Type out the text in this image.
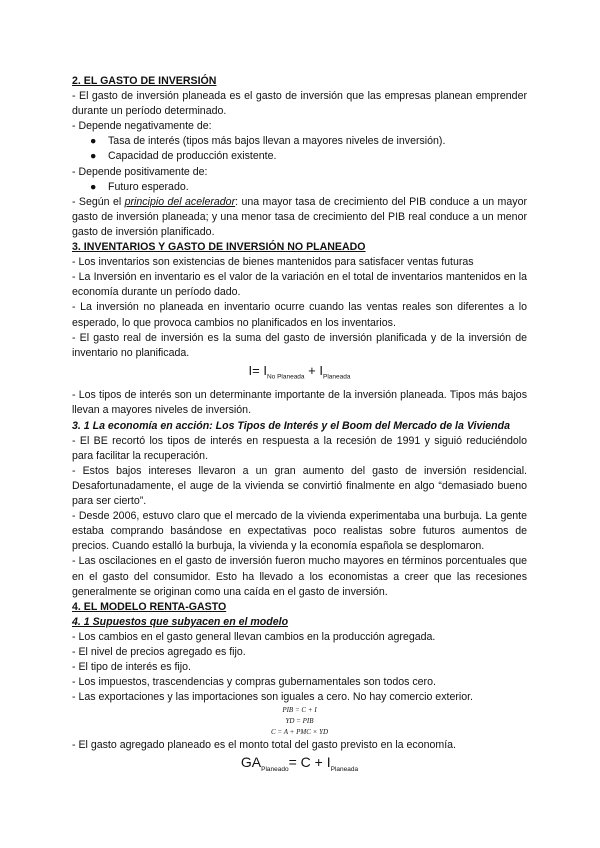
2. EL GASTO DE INVERSIÓN

- El gasto de inversión planeada es el gasto de inversión que las empresas planean emprender durante un período determinado.

- Depende negativamente de:

● Tasa de interés (tipos más bajos llevan a mayores niveles de inversión).

● Capacidad de producción existente.

- Depende positivamente de:

● Futuro esperado.

- Según el principio del acelerador: una mayor tasa de crecimiento del PIB conduce a un mayor gasto de inversión planeada; y una menor tasa de crecimiento del PIB real conduce a un menor gasto de inversión planificado.

3. INVENTARIOS Y GASTO DE INVERSIÓN NO PLANEADO

- Los inventarios son existencias de bienes mantenidos para satisfacer ventas futuras

- La Inversión en inventario es el valor de la variación en el total de inventarios mantenidos en la economía durante un período dado.

- La inversión no planeada en inventario ocurre cuando las ventas reales son diferentes a lo esperado, lo que provoca cambios no planificados en los inventarios.

- El gasto real de inversión es la suma del gasto de inversión planificada y de la inversión de inventario no planificada.

$I= I_{No Planeada} + I_{Planeada}$

- Los tipos de interés son un determinante importante de la inversión planeada. Tipos más bajos llevan a mayores niveles de inversión.

3. 1 La economía en acción: Los Tipos de Interés y el Boom del Mercado de la Vivienda

- El BE recortó los tipos de interés en respuesta a la recesión de 1991 y siguió reduciéndolo para facilitar la recuperación.

- Estos bajos intereses llevaron a un gran aumento del gasto de inversión residencial. Desafortunadamente, el auge de la vivienda se convirtió finalmente en algo “demasiado bueno para ser cierto”.

- Desde 2006, estuvo claro que el mercado de la vivienda experimentaba una burbuja. La gente estaba comprando basándose en expectativas poco realistas sobre futuros aumentos de precios. Cuando estalló la burbuja, la vivienda y la economía española se desplomaron.

- Las oscilaciones en el gasto de inversión fueron mucho mayores en términos porcentuales que en el gasto del consumidor. Esto ha llevado a los economistas a creer que las recesiones generalmente se originan como una caída en el gasto de inversión.

4. EL MODELO RENTA-GASTO

4. 1 Supuestos que subyacen en el modelo

- Los cambios en el gasto general llevan cambios en la producción agregada.

- El nivel de precios agregado es fijo.

- El tipo de interés es fijo.

- Los impuestos, trascendencias y compras gubernamentales son todos cero.

- Las exportaciones y las importaciones son iguales a cero. No hay comercio exterior.

PIB = C + I

YD = PIB

C = A + PMC × YD

- El gasto agregado planeado es el monto total del gasto previsto en la economía.

$GA_{Planeado}= C + I_{Planeada}$
